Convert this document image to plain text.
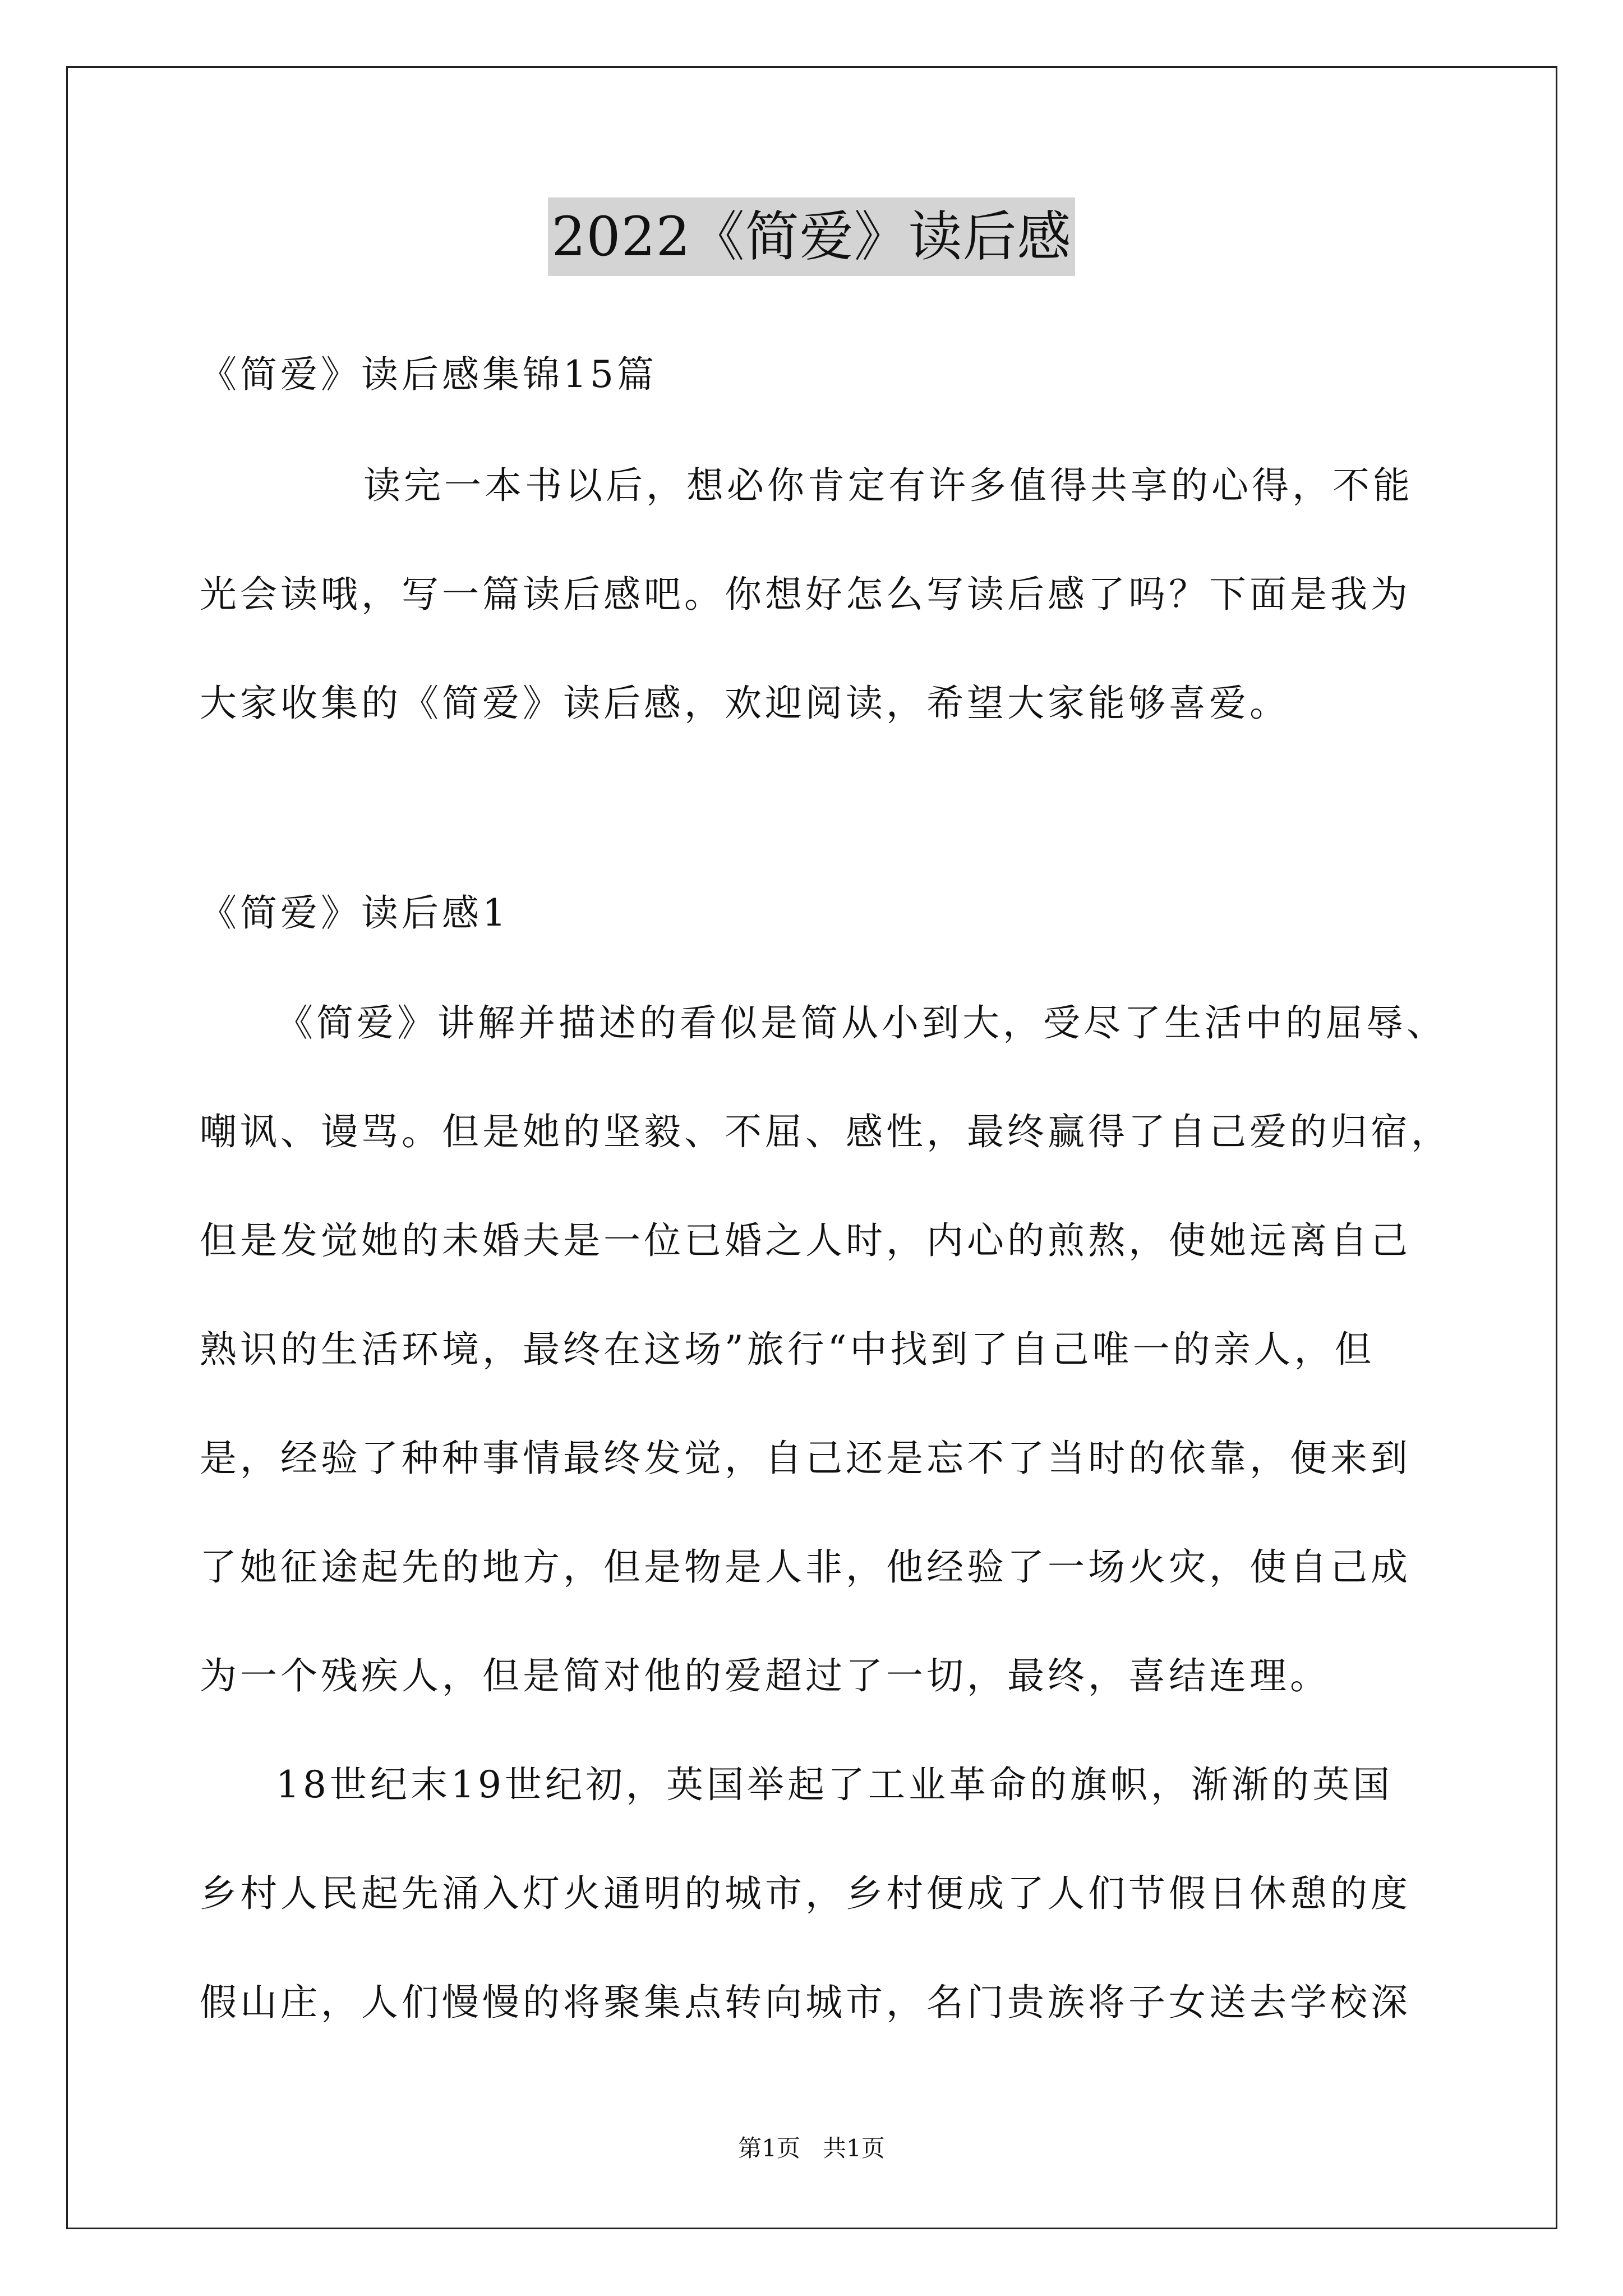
2022《简爱》读后感
《简爱》读后感集锦15篇
读完一本书以后，想必你肯定有许多值得共享的心得，不能
光会读哦，写一篇读后感吧。你想好怎么写读后感了吗？下面是我为
大家收集的《简爱》读后感，欢迎阅读，希望大家能够喜爱。
《简爱》读后感1
《简爱》讲解并描述的看似是简从小到大，受尽了生活中的屈辱、
嘲讽、谩骂。但是她的坚毅、不屈、感性，最终赢得了自己爱的归宿，
但是发觉她的未婚夫是一位已婚之人时，内心的煎熬，使她远离自己
熟识的生活环境，最终在这场”旅行“中找到了自己唯一的亲人，但
是，经验了种种事情最终发觉，自己还是忘不了当时的依靠，便来到
了她征途起先的地方，但是物是人非，他经验了一场火灾，使自己成
为一个残疾人，但是简对他的爱超过了一切，最终，喜结连理。
18世纪末19世纪初，英国举起了工业革命的旗帜，渐渐的英国
乡村人民起先涌入灯火通明的城市，乡村便成了人们节假日休憩的度
假山庄，人们慢慢的将聚集点转向城市，名门贵族将子女送去学校深
第1页   共1页
